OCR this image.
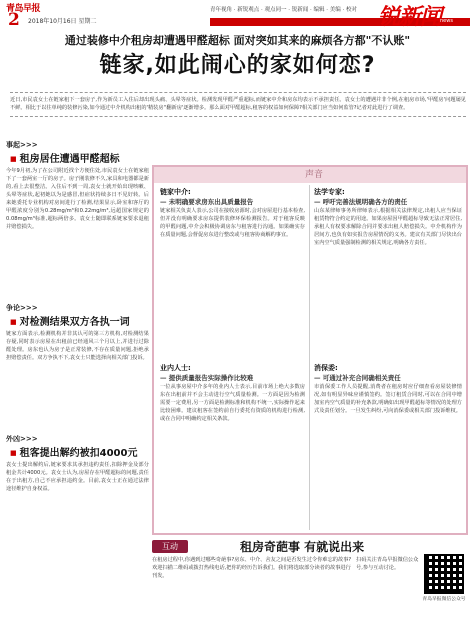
青岛早报
2 2018年10月16日 星期二
青年视角 · 新锐观点 · 观点同一 · 锐新闻 · 编辑 · 美编 · 校对 锐新闻
news
通过装修中介租房却遭遇甲醛超标 面对突如其来的麻烦各方都"不认账"
链家,如此闹心的家如何恋?
近日,市民袁女士在链家租下一套房子,作为新员工入住后却出现头痛、头晕等症状。检测发现甲醛严重超标,而链家中介和房东均表示不承担责任。袁女士的遭遇并非个例,在租房市场,'甲醛房'问题屡见不鲜。相比于以往单纯的装修污染,如今通过中介机构出租的'精装房''翻新房'逐渐增多。那么面对甲醛超标,租客的权益如何保障?相关部门应当如何监管?记者对此进行了调查。
事起>>>
■ 租房居住遭遇甲醛超标

今年9月初,为了在公司附近找个方便住处,市民袁女士在链家租下了一套两室一厅的房子。房子刚装修不久,家具和电器都是新的,看上去很整洁。入住后不到一周,袁女士就开始出现咳嗽、头晕等症状,起初她以为是感冒,但症状持续多日不见好转。后来她委托专业机构对房间进行了检测,结果显示,卧室和客厅的甲醛浓度分别为0.28mg/m³和0.22mg/m³,远超国家规定的0.08mg/m³标准,超标两倍多。袁女士随即联系链家要求退租并赔偿损失。

争论>>>
■ 对检测结果双方各执一词

链家方面表示,检测机构并非其认可的第三方机构,对检测结果存疑,同时表示房屋在出租前已经通风三个月以上,并进行过除醛处理。房东也认为房子是正常装修,不存在质量问题,拒绝承担赔偿责任。双方争执不下,袁女士只能选择向相关部门投诉。

外凶>>>
■ 租客提出解约被扣4000元

袁女士提出解约后,链家要求其承担违约责任,扣除押金及部分租金共计4000元。袁女士认为,房屋存在甲醛超标的问题,责任在于出租方,自己不应承担违约金。目前,袁女士正在通过法律途径维护自身权益。

声音
链家中介:
— 未明确要求房东出具质量报告

链家相关负责人表示,公司在接收房源时,会对房屋进行基本检查,但并没有明确要求房东提供装修环保检测报告。对于租客反映的甲醛问题,中介会积极协调房东与租客进行沟通。如果确实存在质量问题,会督促房东进行整改或与租客协商解约事宜。

业内人士:
— 提供质量报告实际操作比较难

一位从事房屋中介多年的业内人士表示,目前市场上绝大多数房东在出租前并不会主动进行空气质量检测。一方面是因为检测需要一定费用,另一方面是检测标准和机构不统一,实际操作起来比较困难。建议租客在签约前自行委托有资质的机构进行检测,或在合同中明确约定相关条款。

法学专家:
— 呼吁完善法规明确各方的责任

山东某律师事务所律师表示,根据相关法律规定,出租人应当保证租赁物符合约定的用途。如果房屋因甲醛超标导致无法正常居住,承租人有权要求解除合同并要求出租人赔偿损失。中介机构作为居间方,也负有如实报告房屋情况的义务。建议有关部门尽快出台室内空气质量强制检测的相关规定,明确各方责任。

消保委:
— 可通过补充合同确相关责任

市消保委工作人员提醒,消费者在租房时应仔细查看房屋装修情况,如有明显异味应谨慎签约。签订租赁合同时,可以在合同中增加室内空气质量的补充条款,明确如出现甲醛超标等情况的处理方式及责任划分。一旦发生纠纷,可向消保委或相关部门投诉维权。

互动	租房奇葩事 有就说出来

在租房过程中,你遇到过哪些奇葩事?房东、中介、舍友之间是否发生过令你难忘的故事?欢迎扫描二维码或拨打热线电话,把你的经历告诉我们。我们将选取部分读者的故事进行刊发。

扫码关注青岛早报微信公众号,参与互动讨论。

青岛早报微信公众号
